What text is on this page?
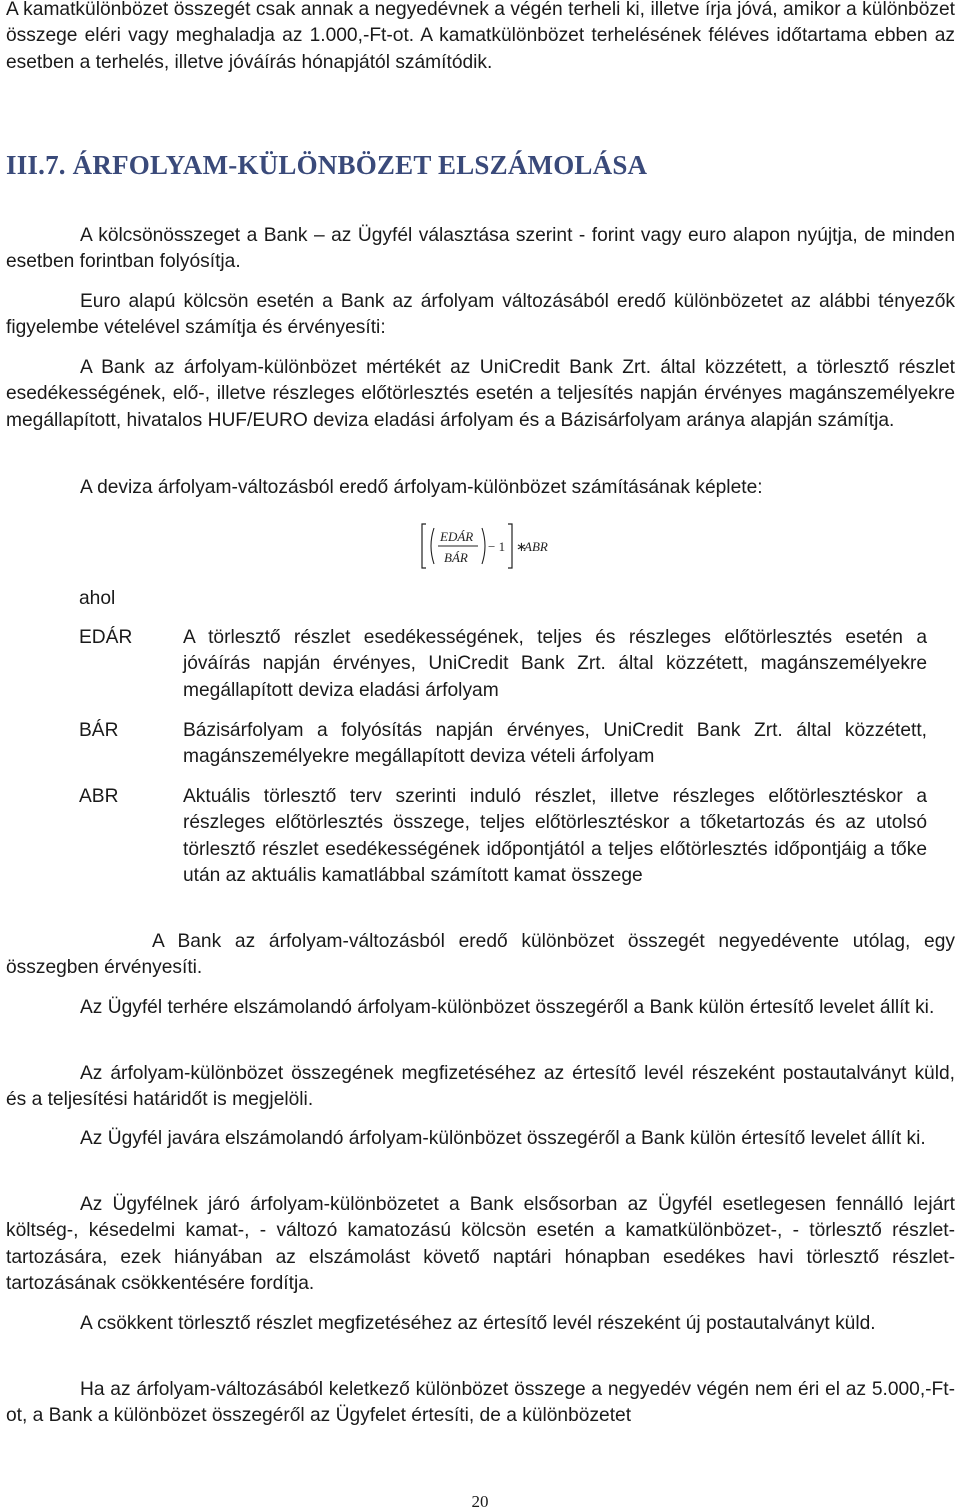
A kamatkülönbözet összegét csak annak a negyedévnek a végén terheli ki, illetve írja jóvá, amikor a különbözet összege eléri vagy meghaladja az 1.000,-Ft-ot. A kamatkülönbözet terhelésének féléves időtartama ebben az esetben a terhelés, illetve jóváírás hónapjától számítódik.

III.7. ÁRFOLYAM-KÜLÖNBÖZET ELSZÁMOLÁSA

A kölcsönösszeget a Bank – az Ügyfél választása szerint - forint vagy euro alapon nyújtja, de minden esetben forintban folyósítja.

Euro alapú kölcsön esetén a Bank az árfolyam változásából eredő különbözetet az alábbi tényezők figyelembe vételével számítja és érvényesíti:

A Bank az árfolyam-különbözet mértékét az UniCredit Bank Zrt. által közzétett, a törlesztő részlet esedékességének, elő-, illetve részleges előtörlesztés esetén a teljesítés napján érvényes magánszemélyekre megállapított, hivatalos HUF/EURO deviza eladási árfolyam és a Bázisárfolyam aránya alapján számítja.

A deviza árfolyam-változásból eredő árfolyam-különbözet számításának képlete:

EDÁR
BÁR
− 1 ∗
ABR
ahol
EDÁR	A törlesztő részlet esedékességének, teljes és részleges előtörlesztés esetén a jóváírás napján érvényes, UniCredit Bank Zrt. által közzétett, magánszemélyekre megállapított deviza eladási árfolyam
BÁR	Bázisárfolyam a folyósítás napján érvényes, UniCredit Bank Zrt. által közzétett, magánszemélyekre megállapított deviza vételi árfolyam
ABR	Aktuális törlesztő terv szerinti induló részlet, illetve részleges előtörlesztéskor a részleges előtörlesztés összege, teljes előtörlesztéskor a tőketartozás és az utolsó törlesztő részlet esedékességének időpontjától a teljes előtörlesztés időpontjáig a tőke után az aktuális kamatlábbal számított kamat összege

A Bank az árfolyam-változásból eredő különbözet összegét negyedévente utólag, egy összegben érvényesíti.

Az Ügyfél terhére elszámolandó árfolyam-különbözet összegéről a Bank külön értesítő levelet állít ki.

Az árfolyam-különbözet összegének megfizetéséhez az értesítő levél részeként postautalványt küld, és a teljesítési határidőt is megjelöli.

Az Ügyfél javára elszámolandó árfolyam-különbözet összegéről a Bank külön értesítő levelet állít ki.

Az Ügyfélnek járó árfolyam-különbözetet a Bank elsősorban az Ügyfél esetlegesen fennálló lejárt költség-, késedelmi kamat-, - változó kamatozású kölcsön esetén a kamatkülönbözet-, - törlesztő részlet-tartozására, ezek hiányában az elszámolást követő naptári hónapban esedékes havi törlesztő részlet-tartozásának csökkentésére fordítja.

A csökkent törlesztő részlet megfizetéséhez az értesítő levél részeként új postautalványt küld.

Ha az árfolyam-változásából keletkező különbözet összege a negyedév végén nem éri el az 5.000,-Ft-ot, a Bank a különbözet összegéről az Ügyfelet értesíti, de a különbözetet

20
